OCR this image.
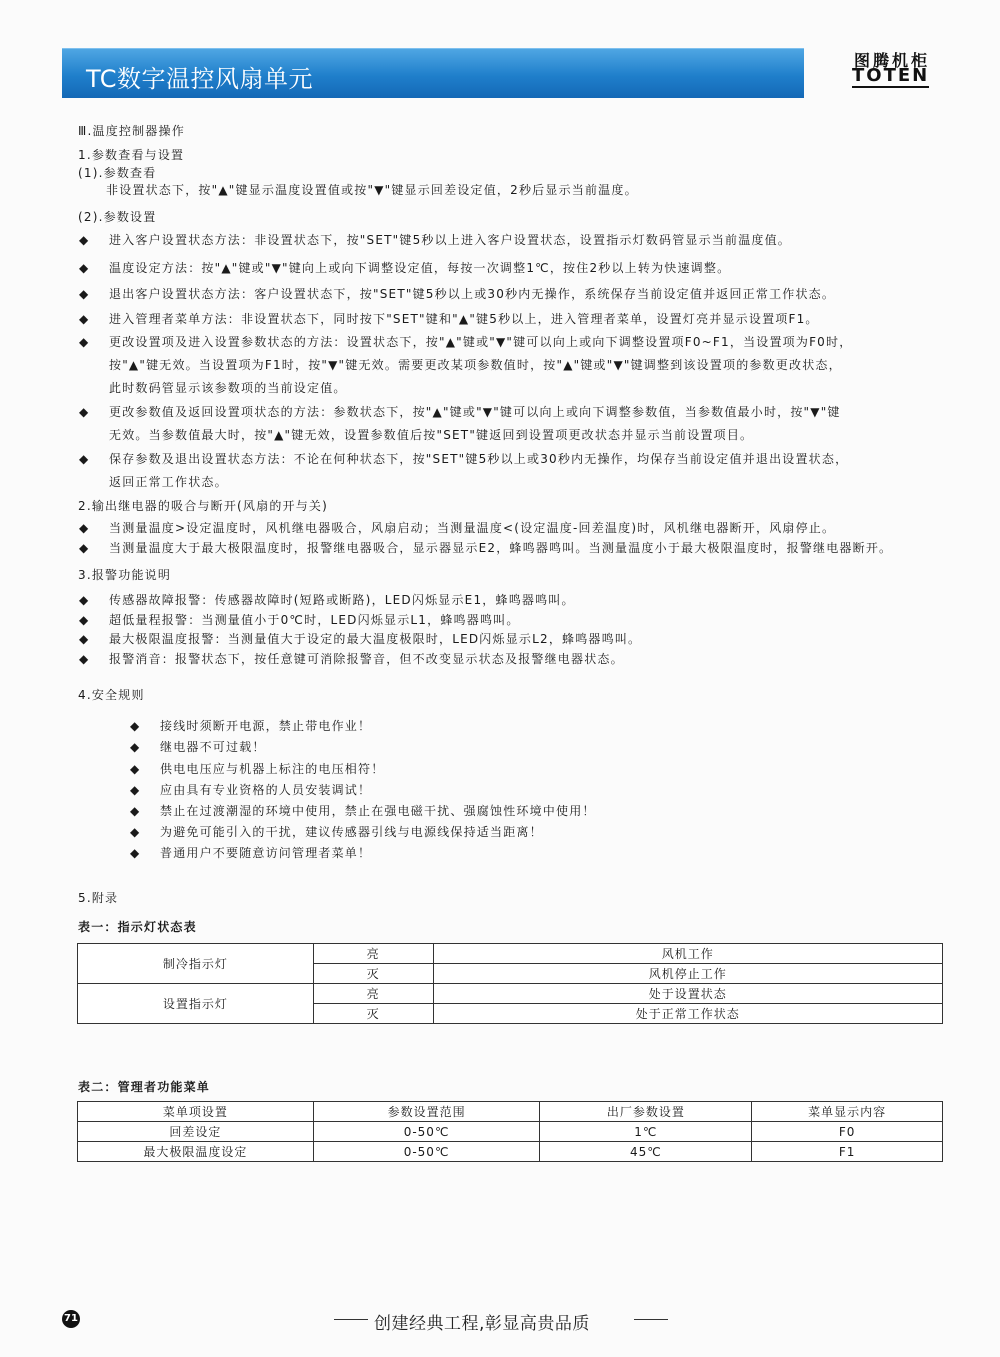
TC数字温控风扇单元
图腾机柜
TOTEN
Ⅲ.温度控制器操作
1.参数查看与设置
(1).参数查看
非设置状态下，按"▲"键显示温度设置值或按"▼"键显示回差设定值，2秒后显示当前温度。
(2).参数设置
◆ 进入客户设置状态方法：非设置状态下，按"SET"键5秒以上进入客户设置状态，设置指示灯数码管显示当前温度值。
◆ 温度设定方法：按"▲"键或"▼"键向上或向下调整设定值，每按一次调整1℃，按住2秒以上转为快速调整。
◆ 退出客户设置状态方法：客户设置状态下，按"SET"键5秒以上或30秒内无操作，系统保存当前设定值并返回正常工作状态。
◆ 进入管理者菜单方法：非设置状态下，同时按下"SET"键和"▲"键5秒以上，进入管理者菜单，设置灯亮并显示设置项F1。
◆ 更改设置项及进入设置参数状态的方法：设置状态下，按"▲"键或"▼"键可以向上或向下调整设置项F0~F1，当设置项为F0时，
按"▲"键无效。当设置项为F1时，按"▼"键无效。需要更改某项参数值时，按"▲"键或"▼"键调整到该设置项的参数更改状态，
此时数码管显示该参数项的当前设定值。
◆ 更改参数值及返回设置项状态的方法：参数状态下，按"▲"键或"▼"键可以向上或向下调整参数值，当参数值最小时，按"▼"键
无效。当参数值最大时，按"▲"键无效，设置参数值后按"SET"键返回到设置项更改状态并显示当前设置项目。
◆ 保存参数及退出设置状态方法：不论在何种状态下，按"SET"键5秒以上或30秒内无操作，均保存当前设定值并退出设置状态，
返回正常工作状态。
2.输出继电器的吸合与断开(风扇的开与关)
◆ 当测量温度>设定温度时，风机继电器吸合，风扇启动；当测量温度<(设定温度-回差温度)时，风机继电器断开，风扇停止。
◆ 当测量温度大于最大极限温度时，报警继电器吸合，显示器显示E2，蜂鸣器鸣叫。当测量温度小于最大极限温度时，报警继电器断开。
3.报警功能说明
◆ 传感器故障报警：传感器故障时(短路或断路)，LED闪烁显示E1，蜂鸣器鸣叫。
◆ 超低量程报警：当测量值小于0℃时，LED闪烁显示L1，蜂鸣器鸣叫。
◆ 最大极限温度报警：当测量值大于设定的最大温度极限时，LED闪烁显示L2，蜂鸣器鸣叫。
◆ 报警消音：报警状态下，按任意键可消除报警音，但不改变显示状态及报警继电器状态。
4.安全规则
◆ 接线时须断开电源，禁止带电作业！
◆ 继电器不可过载！
◆ 供电电压应与机器上标注的电压相符！
◆ 应由具有专业资格的人员安装调试！
◆ 禁止在过渡潮湿的环境中使用，禁止在强电磁干扰、强腐蚀性环境中使用！
◆ 为避免可能引入的干扰，建议传感器引线与电源线保持适当距离！
◆ 普通用户不要随意访问管理者菜单！
5.附录
表一：指示灯状态表
制冷指示灯	亮	风机工作
	灭	风机停止工作
设置指示灯	亮	处于设置状态
	灭	处于正常工作状态
表二：管理者功能菜单
菜单项设置	参数设置范围	出厂参数设置	菜单显示内容
回差设定	0-50℃	1℃	F0
最大极限温度设定	0-50℃	45℃	F1
71	创建经典工程,彰显高贵品质
